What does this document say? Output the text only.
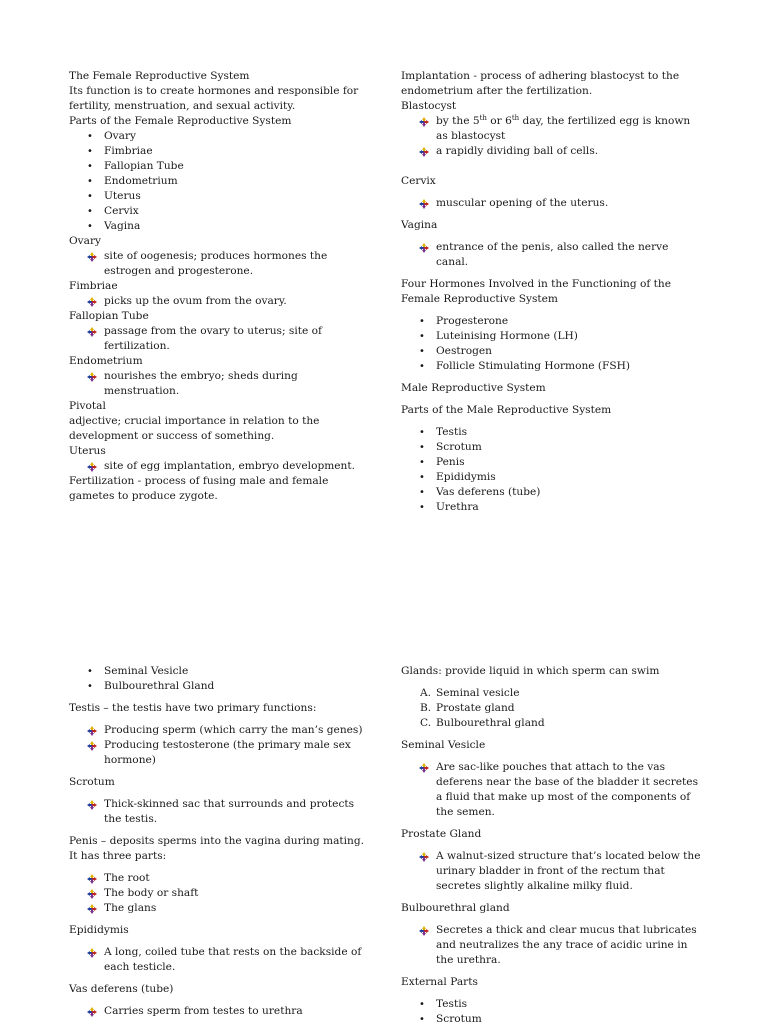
The Female Reproductive System

Its function is to create hormones and responsible for fertility, menstruation, and sexual activity.

Parts of the Female Reproductive System

• Ovary
• Fimbriae
• Fallopian Tube
• Endometrium
• Uterus
• Cervix
• Vagina

Ovary

site of oogenesis; produces hormones the estrogen and progesterone.

Fimbriae

picks up the ovum from the ovary.

Fallopian Tube

passage from the ovary to uterus; site of fertilization.

Endometrium

nourishes the embryo; sheds during menstruation.

Pivotal

adjective; crucial importance in relation to the development or success of something.

Uterus

site of egg implantation, embryo development.

Fertilization - process of fusing male and female gametes to produce zygote.

Implantation - process of adhering blastocyst to the endometrium after the fertilization.

Blastocyst

by the 5th or 6th day, the fertilized egg is known as blastocyst
a rapidly dividing ball of cells.

Cervix

muscular opening of the uterus.

Vagina

entrance of the penis, also called the nerve canal.

Four Hormones Involved in the Functioning of the Female Reproductive System

• Progesterone
• Luteinising Hormone (LH)
• Oestrogen
• Follicle Stimulating Hormone (FSH)

Male Reproductive System

Parts of the Male Reproductive System

• Testis
• Scrotum
• Penis
• Epididymis
• Vas deferens (tube)
• Urethra
• Seminal Vesicle
• Bulbourethral Gland

Testis – the testis have two primary functions:

Producing sperm (which carry the man’s genes)
Producing testosterone (the primary male sex hormone)

Scrotum

Thick-skinned sac that surrounds and protects the testis.

Penis – deposits sperms into the vagina during mating. It has three parts:

The root
The body or shaft
The glans

Epididymis

A long, coiled tube that rests on the backside of each testicle.

Vas deferens (tube)

Carries sperm from testes to urethra

Glands: provide liquid in which sperm can swim

A. Seminal vesicle
B. Prostate gland
C. Bulbourethral gland

Seminal Vesicle

Are sac-like pouches that attach to the vas deferens near the base of the bladder it secretes a fluid that make up most of the components of the semen.

Prostate Gland

A walnut-sized structure that’s located below the urinary bladder in front of the rectum that secretes slightly alkaline milky fluid.

Bulbourethral gland

Secretes a thick and clear mucus that lubricates and neutralizes the any trace of acidic urine in the urethra.

External Parts

• Testis
• Scrotum
